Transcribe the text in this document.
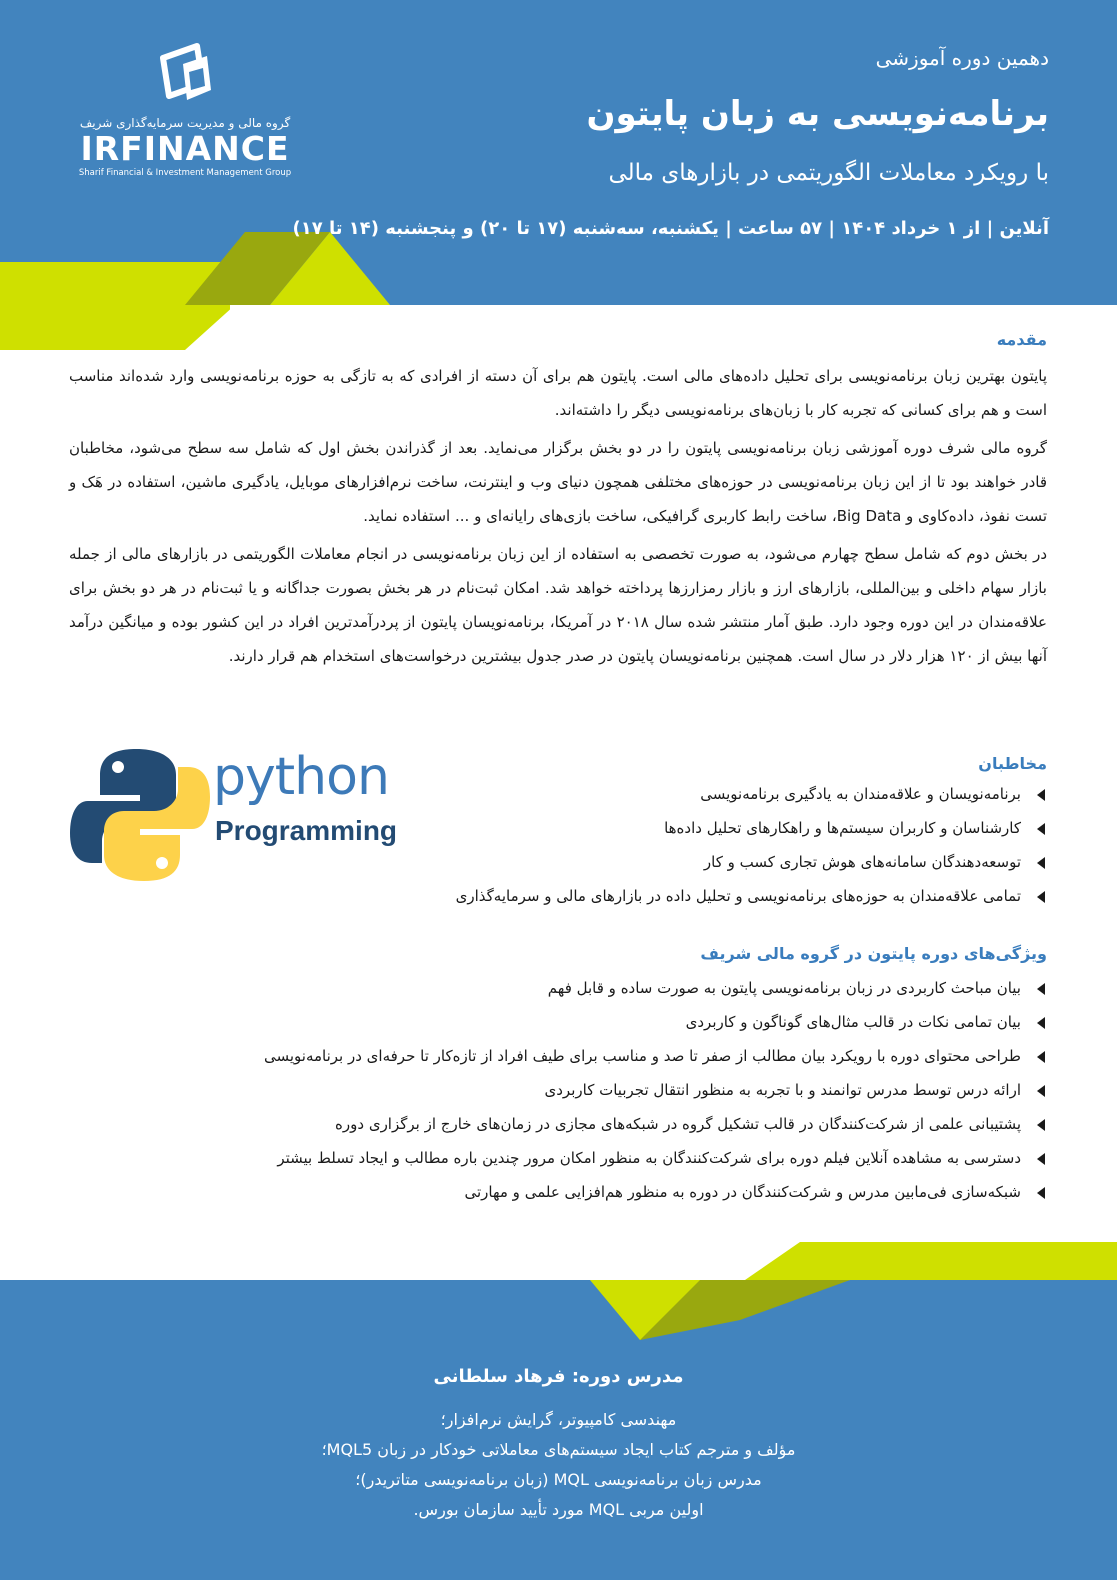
گروه مالی و مدیریت سرمایه‌گذاری شریف
IRFINANCE
Sharif Financial & Investment Management Group
دهمین دوره آموزشی
برنامه‌نویسی به زبان پایتون
با رویکرد معاملات الگوریتمی در بازارهای مالی
آنلاین | از ۱ خرداد ۱۴۰۴ | ۵۷ ساعت | یکشنبه، سه‌شنبه (۱۷ تا ۲۰) و پنجشنبه (۱۴ تا ۱۷)
مقدمه

پایتون بهترین زبان برنامه‌نویسی برای تحلیل داده‌های مالی است. پایتون هم برای آن دسته از افرادی که به تازگی به حوزه برنامه‌نویسی وارد شده‌اند مناسب است و هم برای کسانی که تجربه کار با زبان‌های برنامه‌نویسی دیگر را داشته‌اند.

گروه مالی شرف دوره آموزشی زبان برنامه‌نویسی پایتون را در دو بخش برگزار می‌نماید. بعد از گذراندن بخش اول که شامل سه سطح می‌شود، مخاطبان قادر خواهند بود تا از این زبان برنامه‌نویسی در حوزه‌های مختلفی همچون دنیای وب و اینترنت، ساخت نرم‌افزارهای موبایل، یادگیری ماشین، استفاده در هَک و تست نفوذ، داده‌کاوی و Big Data، ساخت رابط کاربری گرافیکی، ساخت بازی‌های رایانه‌ای و ... استفاده نماید.

در بخش دوم که شامل سطح چهارم می‌شود، به صورت تخصصی به استفاده از این زبان برنامه‌نویسی در انجام معاملات الگوریتمی در بازارهای مالی از جمله بازار سهام داخلی و بین‌المللی، بازارهای ارز و بازار رمزارزها پرداخته خواهد شد. امکان ثبت‌نام در هر بخش بصورت جداگانه و یا ثبت‌نام در هر دو بخش برای علاقه‌مندان در این دوره وجود دارد. طبق آمار منتشر شده سال ۲۰۱۸ در آمریکا، برنامه‌نویسان پایتون از پردرآمدترین افراد در این کشور بوده و میانگین درآمد آنها بیش از ۱۲۰ هزار دلار در سال است. همچنین برنامه‌نویسان پایتون در صدر جدول بیشترین درخواست‌های استخدام هم قرار دارند.

python
Programming
مخاطبان
برنامه‌نویسان و علاقه‌مندان به یادگیری برنامه‌نویسی
کارشناسان و کاربران سیستم‌ها و راهکارهای تحلیل داده‌ها
توسعه‌دهندگان سامانه‌های هوش تجاری کسب و کار
تمامی علاقه‌مندان به حوزه‌های برنامه‌نویسی و تحلیل داده در بازارهای مالی و سرمایه‌گذاری
ویژگی‌های دوره پایتون در گروه مالی شریف
بیان مباحث کاربردی در زبان برنامه‌نویسی پایتون به صورت ساده و قابل فهم
بیان تمامی نکات در قالب مثال‌های گوناگون و کاربردی
طراحی محتوای دوره با رویکرد بیان مطالب از صفر تا صد و مناسب برای طیف افراد از تازه‌کار تا حرفه‌ای در برنامه‌نویسی
ارائه درس توسط مدرس توانمند و با تجربه به منظور انتقال تجربیات کاربردی
پشتیبانی علمی از شرکت‌کنندگان در قالب تشکیل گروه در شبکه‌های مجازی در زمان‌های خارج از برگزاری دوره
دسترسی به مشاهده آنلاین فیلم دوره برای شرکت‌کنندگان به منظور امکان مرور چندین باره مطالب و ایجاد تسلط بیشتر
شبکه‌سازی فی‌مابین مدرس و شرکت‌کنندگان در دوره به منظور هم‌افزایی علمی و مهارتی
مدرس دوره: فرهاد سلطانی
مهندسی کامپیوتر، گرایش نرم‌افزار؛
مؤلف و مترجم کتاب ایجاد سیستم‌های معاملاتی خودکار در زبان MQL5؛
مدرس زبان برنامه‌نویسی MQL (زبان برنامه‌نویسی متاترید‌ر)؛
اولین مربی MQL مورد تأیید سازمان بورس.
